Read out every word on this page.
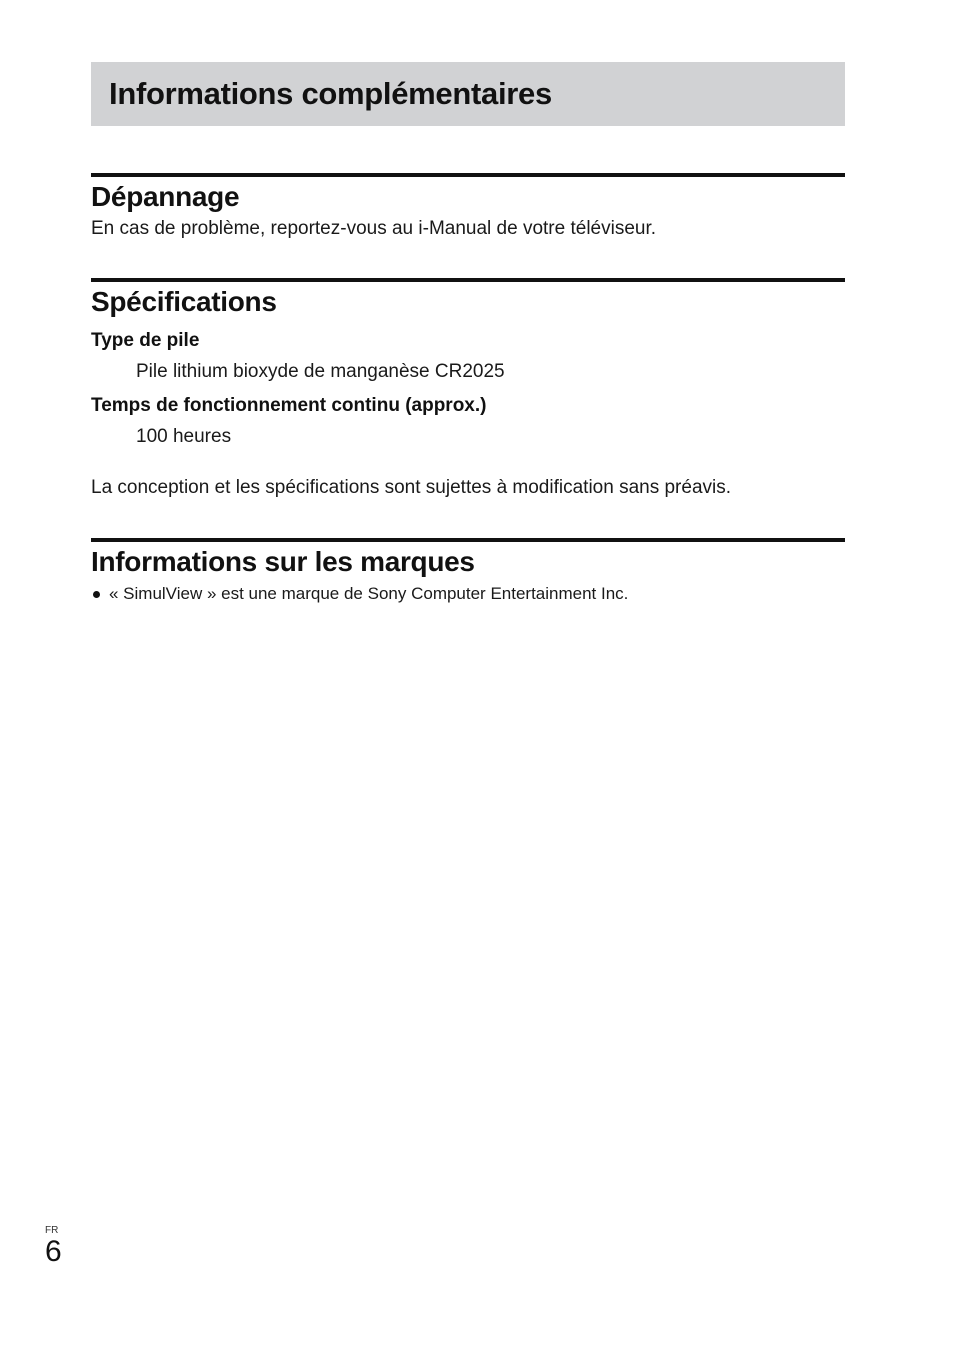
Informations complémentaires
Dépannage

En cas de problème, reportez-vous au i-Manual de votre téléviseur.

Spécifications

Type de pile

Pile lithium bioxyde de manganèse CR2025

Temps de fonctionnement continu (approx.)

100 heures

La conception et les spécifications sont sujettes à modification sans préavis.

Informations sur les marques
« SimulView » est une marque de Sony Computer Entertainment Inc.
FR
6
